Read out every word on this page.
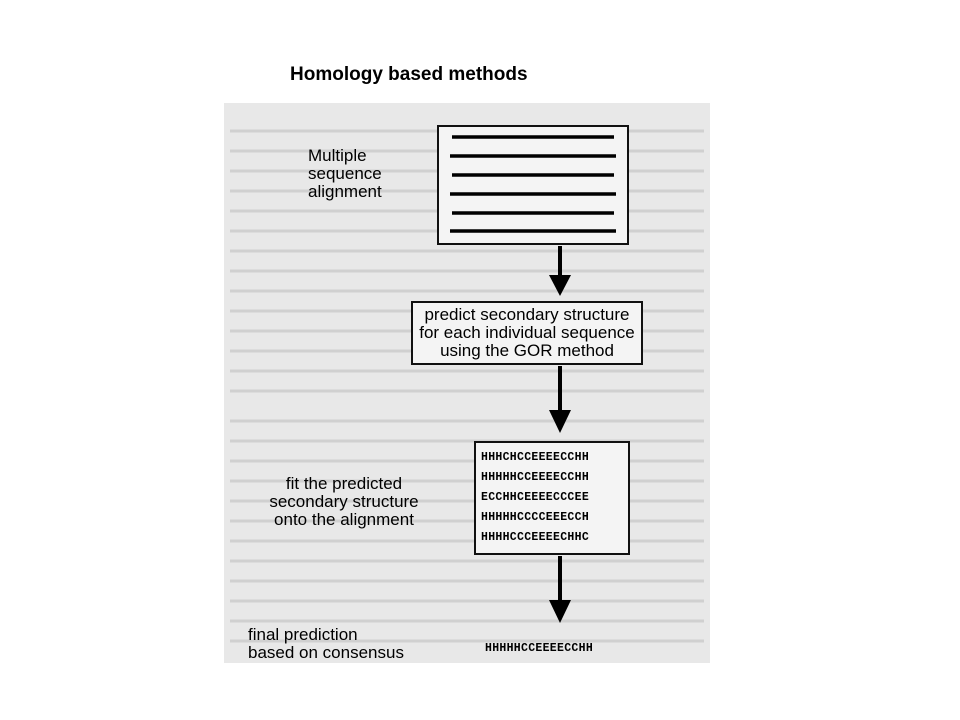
Homology based methods
Multiple
sequence
alignment
predict secondary structure
for each individual sequence
using the GOR method
HHHCHCCEEEECCHH
HHHHHCCEEEECCHH
ECCHHCEEEECCCEE
HHHHHCCCCEEECCH
HHHHCCCEEEECHHC
fit the predicted
secondary structure
onto the alignment
HHHHHCCEEEECCHH
final prediction
based on consensus
